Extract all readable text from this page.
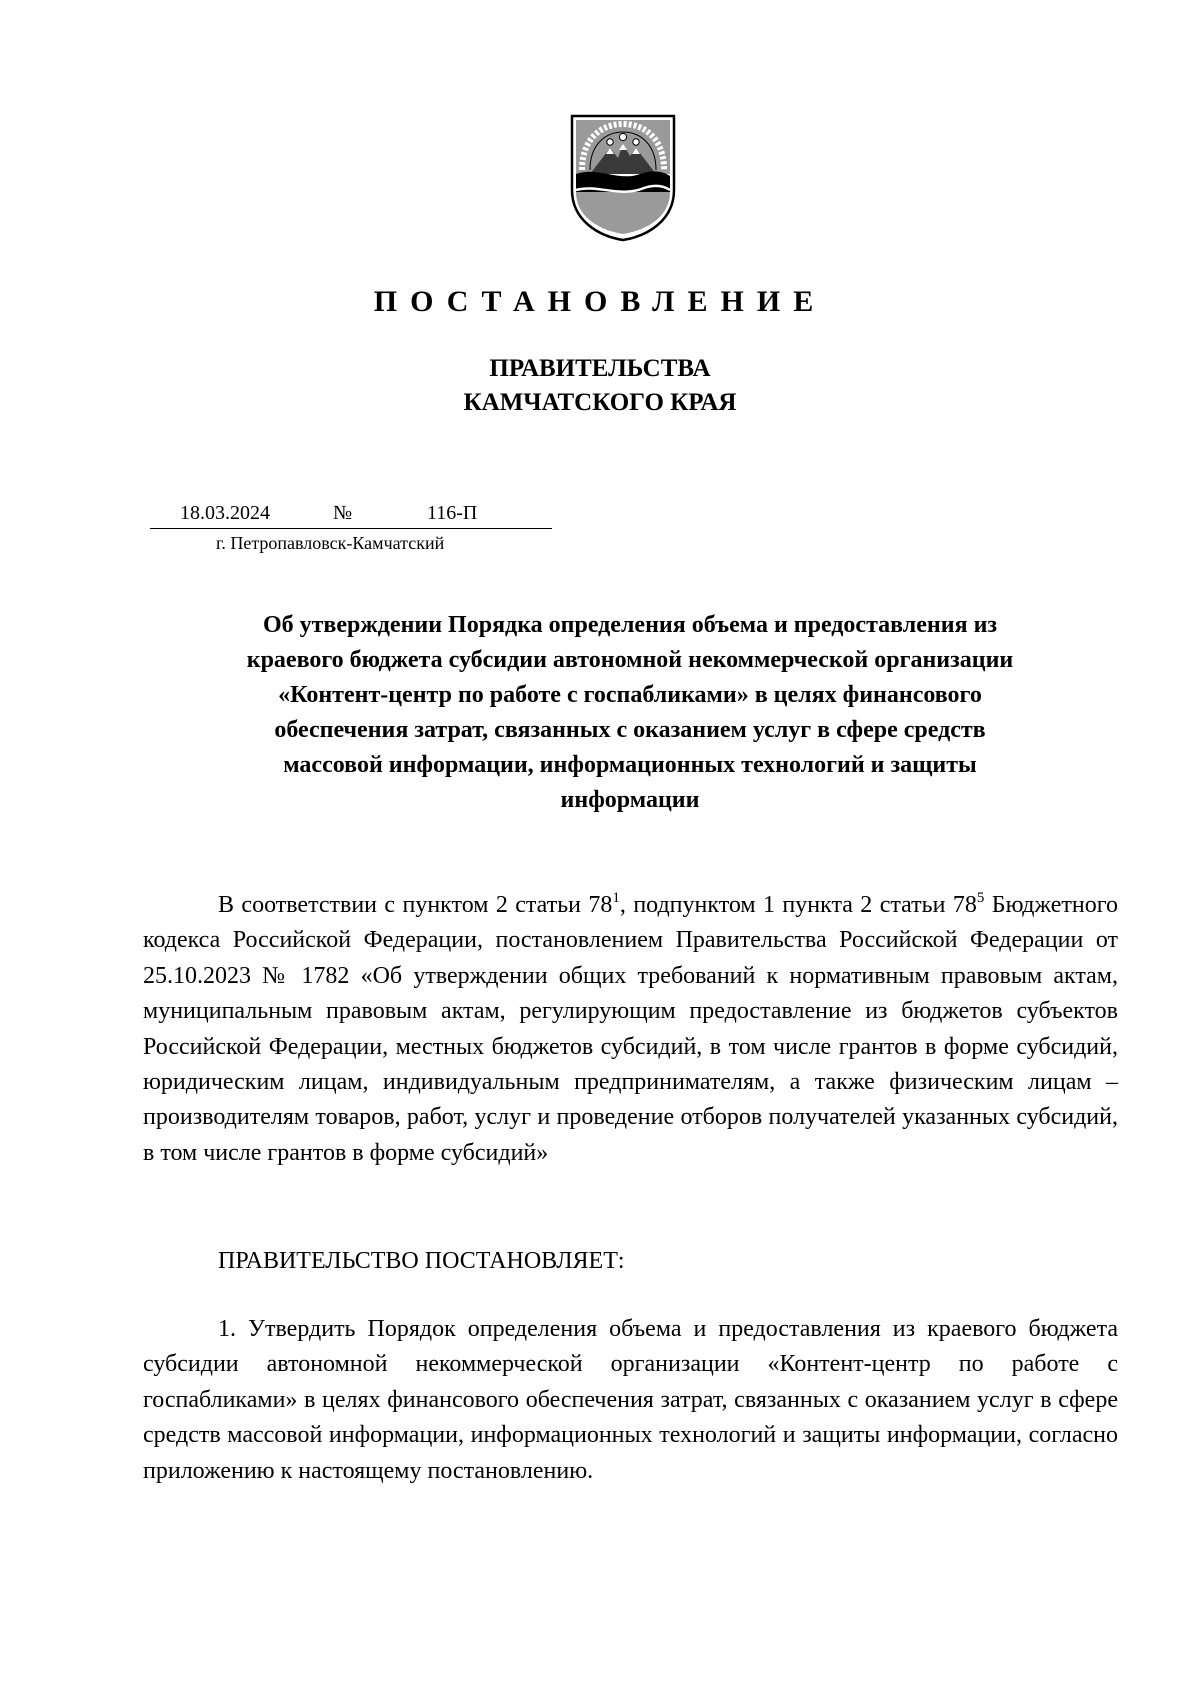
ПОСТАНОВЛЕНИЕ
ПРАВИТЕЛЬСТВА
КАМЧАТСКОГО КРАЯ
18.03.2024	№	116-П
г. Петропавловск-Камчатский
Об утверждении Порядка определения объема и предоставления из
краевого бюджета субсидии автономной некоммерческой организации
«Контент-центр по работе с госпабликами» в целях финансового
обеспечения затрат, связанных с оказанием услуг в сфере средств
массовой информации, информационных технологий и защиты
информации

В соответствии с пунктом 2 статьи $78^1$, подпунктом 1 пункта 2 статьи $78^5$ Бюджетного кодекса Российской Федерации, постановлением Правительства Российской Федерации от 25.10.2023 № 1782 «Об утверждении общих требований к нормативным правовым актам, муниципальным правовым актам, регулирующим предоставление из бюджетов субъектов Российской Федерации, местных бюджетов субсидий, в том числе грантов в форме субсидий, юридическим лицам, индивидуальным предпринимателям, а также физическим лицам – производителям товаров, работ, услуг и проведение отборов получателей указанных субсидий, в том числе грантов в форме субсидий»

ПРАВИТЕЛЬСТВО ПОСТАНОВЛЯЕТ:

1. Утвердить Порядок определения объема и предоставления из краевого бюджета субсидии автономной некоммерческой организации «Контент-центр по работе с госпабликами» в целях финансового обеспечения затрат, связанных с оказанием услуг в сфере средств массовой информации, информационных технологий и защиты информации, согласно приложению к настоящему постановлению.
